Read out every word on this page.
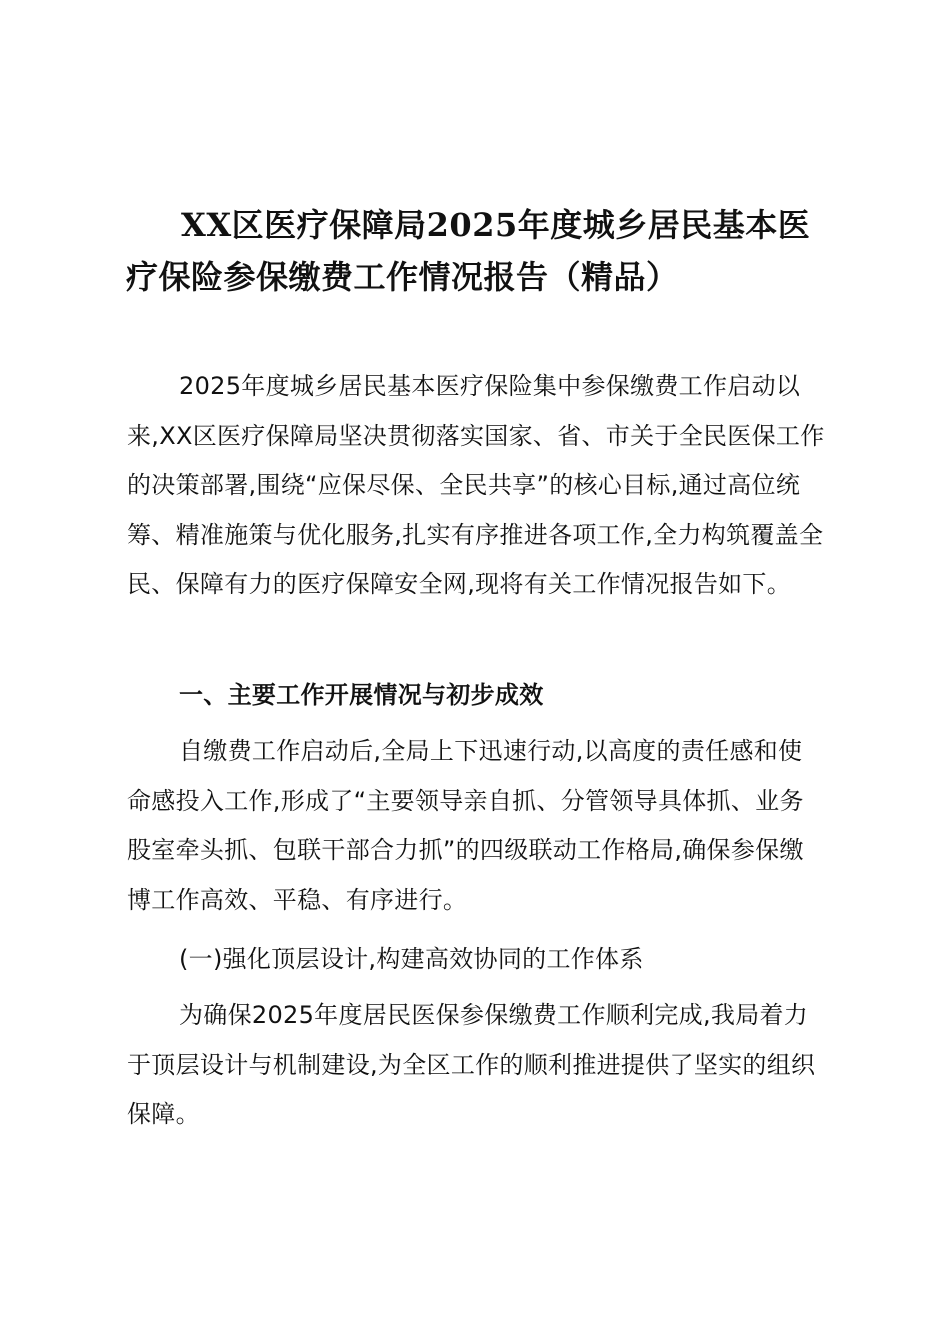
XX区医疗保障局2025年度城乡居民基本医疗保险参保缴费工作情况报告（精品）

2025年度城乡居民基本医疗保险集中参保缴费工作启动以来,XX区医疗保障局坚决贯彻落实国家、省、市关于全民医保工作的决策部署,围绕“应保尽保、全民共享”的核心目标,通过高位统筹、精准施策与优化服务,扎实有序推进各项工作,全力构筑覆盖全民、保障有力的医疗保障安全网,现将有关工作情况报告如下。

一、主要工作开展情况与初步成效

自缴费工作启动后,全局上下迅速行动,以高度的责任感和使命感投入工作,形成了“主要领导亲自抓、分管领导具体抓、业务股室牵头抓、包联干部合力抓”的四级联动工作格局,确保参保缴博工作高效、平稳、有序进行。

(一)强化顶层设计,构建高效协同的工作体系

为确保2025年度居民医保参保缴费工作顺利完成,我局着力于顶层设计与机制建设,为全区工作的顺利推进提供了坚实的组织保障。
